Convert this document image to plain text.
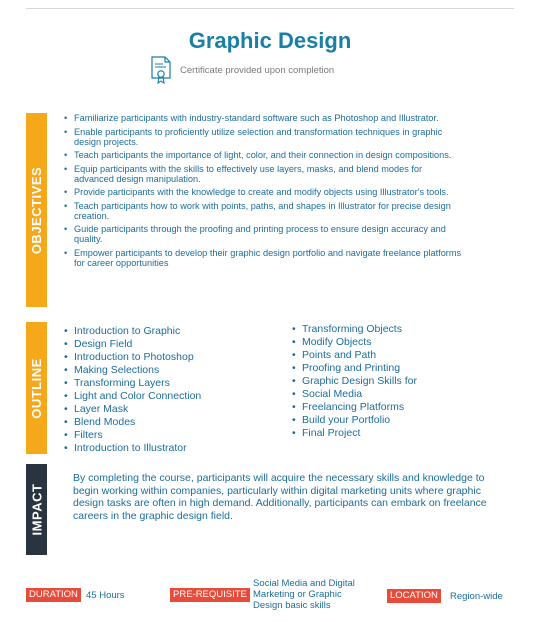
Graphic Design
Certificate provided upon completion
OBJECTIVES
• Familiarize participants with industry-standard software such as Photoshop and Illustrator.
• Enable participants to proficiently utilize selection and transformation techniques in graphic design projects.
• Teach participants the importance of light, color, and their connection in design compositions.
• Equip participants with the skills to effectively use layers, masks, and blend modes for advanced design manipulation.
• Provide participants with the knowledge to create and modify objects using Illustrator's tools.
• Teach participants how to work with points, paths, and shapes in Illustrator for precise design creation.
• Guide participants through the proofing and printing process to ensure design accuracy and quality.
• Empower participants to develop their graphic design portfolio and navigate freelance platforms for career opportunities
OUTLINE
• Introduction to Graphic
• Design Field
• Introduction to Photoshop
• Making Selections
• Transforming Layers
• Light and Color Connection
• Layer Mask
• Blend Modes
• Filters
• Introduction to Illustrator
• Transforming Objects
• Modify Objects
• Points and Path
• Proofing and Printing
• Graphic Design Skills for
• Social Media
• Freelancing Platforms
• Build your Portfolio
• Final Project
IMPACT
By completing the course, participants will acquire the necessary skills and knowledge to begin working within companies, particularly within digital marketing units where graphic design tasks are often in high demand. Additionally, participants can embark on freelance careers in the graphic design field.
DURATION 45 Hours	PRE-REQUISITE
Social Media and Digital Marketing or Graphic Design basic skills
LOCATION	Region-wide
